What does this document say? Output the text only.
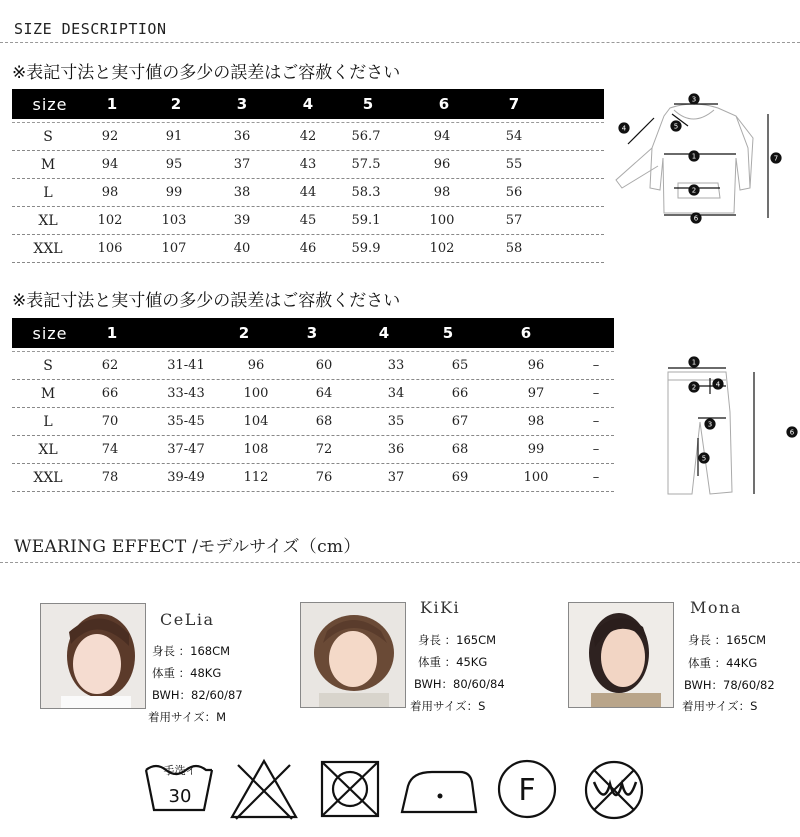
SIZE DESCRIPTION
※表記寸法と実寸値の多少の誤差はご容赦ください
size	1	2	3	4	5	6	7
S	92	91	36	42	56.7	94	54
M	94	95	37	43	57.5	96	55
L	98	99	38	44	58.3	98	56
XL	102	103	39	45	59.1	100	57
XXL	106	107	40	46	59.9	102	58
3
4	5
1
2
6
7
※表記寸法と実寸値の多少の誤差はご容赦ください
size	1	2	3	4	5	6
S	62	31-41	96	60	33	65	96	–
M	66	33-43	100	64	34	66	97	–
L	70	35-45	104	68	35	67	98	–
XL	74	37-47	108	72	36	68	99	–
XXL	78	39-49	112	76	37	69	100	–
1
2	4
3
5
6
WEARING EFFECT /モデルサイズ（cm）
CeLia
身長 ：168CM
体重 ：48KG
BWH：82/60/87
着用サイズ：M
KiKi
身長 ：165CM
体重 ：45KG
BWH：80/60/84
着用サイズ：S
Mona
身長 ：165CM
体重 ：44KG
BWH：78/60/82
着用サイズ：S
手洗イ
30	F
